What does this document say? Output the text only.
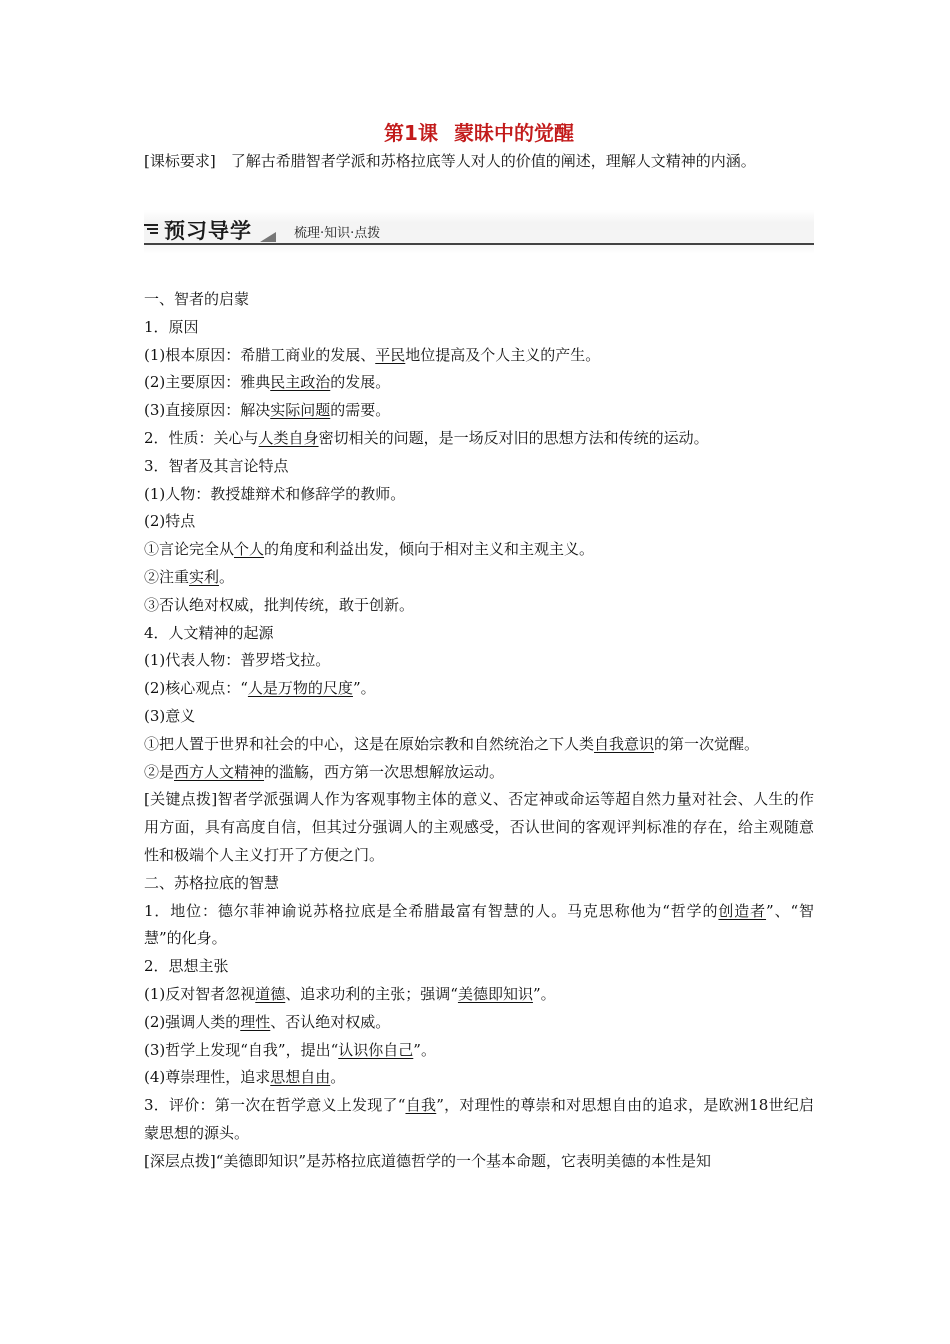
第1课 蒙昧中的觉醒
[课标要求]　了解古希腊智者学派和苏格拉底等人对人的价值的阐述，理解人文精神的内涵。
预习导学	梳理·知识·点拨

一、智者的启蒙

1．原因

(1)根本原因：希腊工商业的发展、平民地位提高及个人主义的产生。

(2)主要原因：雅典民主政治的发展。

(3)直接原因：解决实际问题的需要。

2．性质：关心与人类自身密切相关的问题，是一场反对旧的思想方法和传统的运动。

3．智者及其言论特点

(1)人物：教授雄辩术和修辞学的教师。

(2)特点

①言论完全从个人的角度和利益出发，倾向于相对主义和主观主义。

②注重实利。

③否认绝对权威，批判传统，敢于创新。

4．人文精神的起源

(1)代表人物：普罗塔戈拉。

(2)核心观点：“人是万物的尺度”。

(3)意义

①把人置于世界和社会的中心，这是在原始宗教和自然统治之下人类自我意识的第一次觉醒。

②是西方人文精神的滥觞，西方第一次思想解放运动。

[关键点拨]智者学派强调人作为客观事物主体的意义、否定神或命运等超自然力量对社会、人生的作用方面，具有高度自信，但其过分强调人的主观感受，否认世间的客观评判标准的存在，给主观随意性和极端个人主义打开了方便之门。

二、苏格拉底的智慧

1．地位：德尔菲神谕说苏格拉底是全希腊最富有智慧的人。马克思称他为“哲学的创造者”、“智慧”的化身。

2．思想主张

(1)反对智者忽视道德、追求功利的主张；强调“美德即知识”。

(2)强调人类的理性、否认绝对权威。

(3)哲学上发现“自我”，提出“认识你自己”。

(4)尊崇理性，追求思想自由。

3．评价：第一次在哲学意义上发现了“自我”，对理性的尊崇和对思想自由的追求，是欧洲18世纪启蒙思想的源头。

[深层点拨]“美德即知识”是苏格拉底道德哲学的一个基本命题，它表明美德的本性是知
